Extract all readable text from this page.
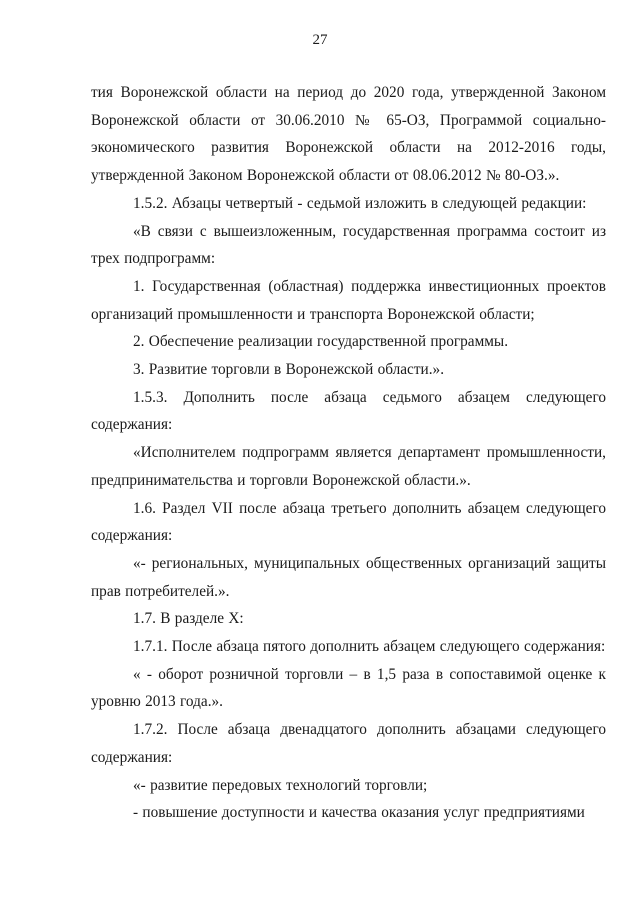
27

тия Воронежской области на период до 2020 года, утвержденной Законом Воронежской области от 30.06.2010 № 65-ОЗ, Программой социально-экономического развития Воронежской области на 2012-2016 годы, утвержденной Законом Воронежской области от 08.06.2012 № 80-ОЗ.».

1.5.2. Абзацы четвертый - седьмой изложить в следующей редакции:

«В связи с вышеизложенным, государственная программа состоит из трех подпрограмм:

1. Государственная (областная) поддержка инвестиционных проектов организаций промышленности и транспорта Воронежской области;

2. Обеспечение реализации государственной программы.

3. Развитие торговли в Воронежской области.».

1.5.3. Дополнить после абзаца седьмого абзацем следующего содержания:

«Исполнителем подпрограмм является департамент промышленности, предпринимательства и торговли Воронежской области.».

1.6. Раздел VII после абзаца третьего дополнить абзацем следующего содержания:

«- региональных, муниципальных общественных организаций защиты прав потребителей.».

1.7. В разделе X:

1.7.1. После абзаца пятого дополнить абзацем следующего содержания:

« - оборот розничной торговли – в 1,5 раза в сопоставимой оценке к уровню 2013 года.».

1.7.2. После абзаца двенадцатого дополнить абзацами следующего содержания:

«- развитие передовых технологий торговли;

- повышение доступности и качества оказания услуг предприятиями
